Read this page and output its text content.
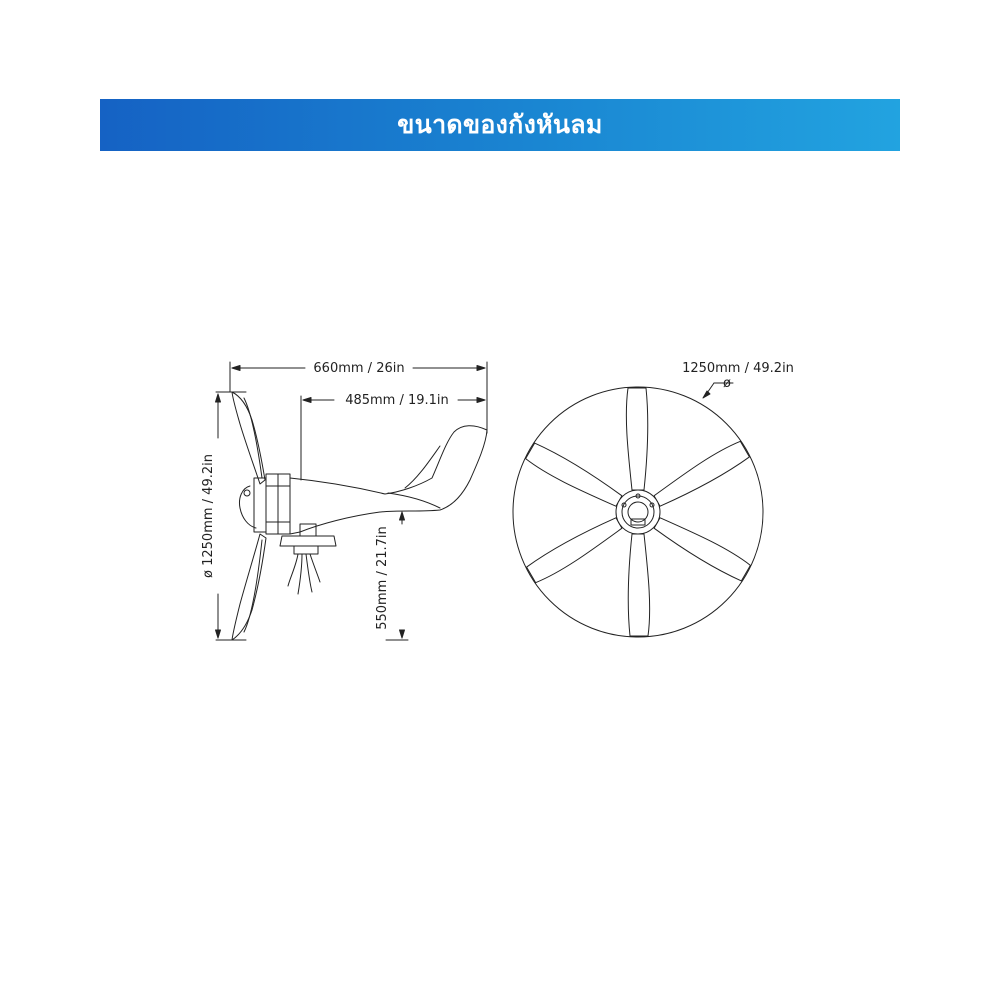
ขนาดของกังหันลม
660mm / 26in
485mm / 19.1in
ø 1250mm / 49.2in
550mm / 21.7in
1250mm / 49.2in
ø
